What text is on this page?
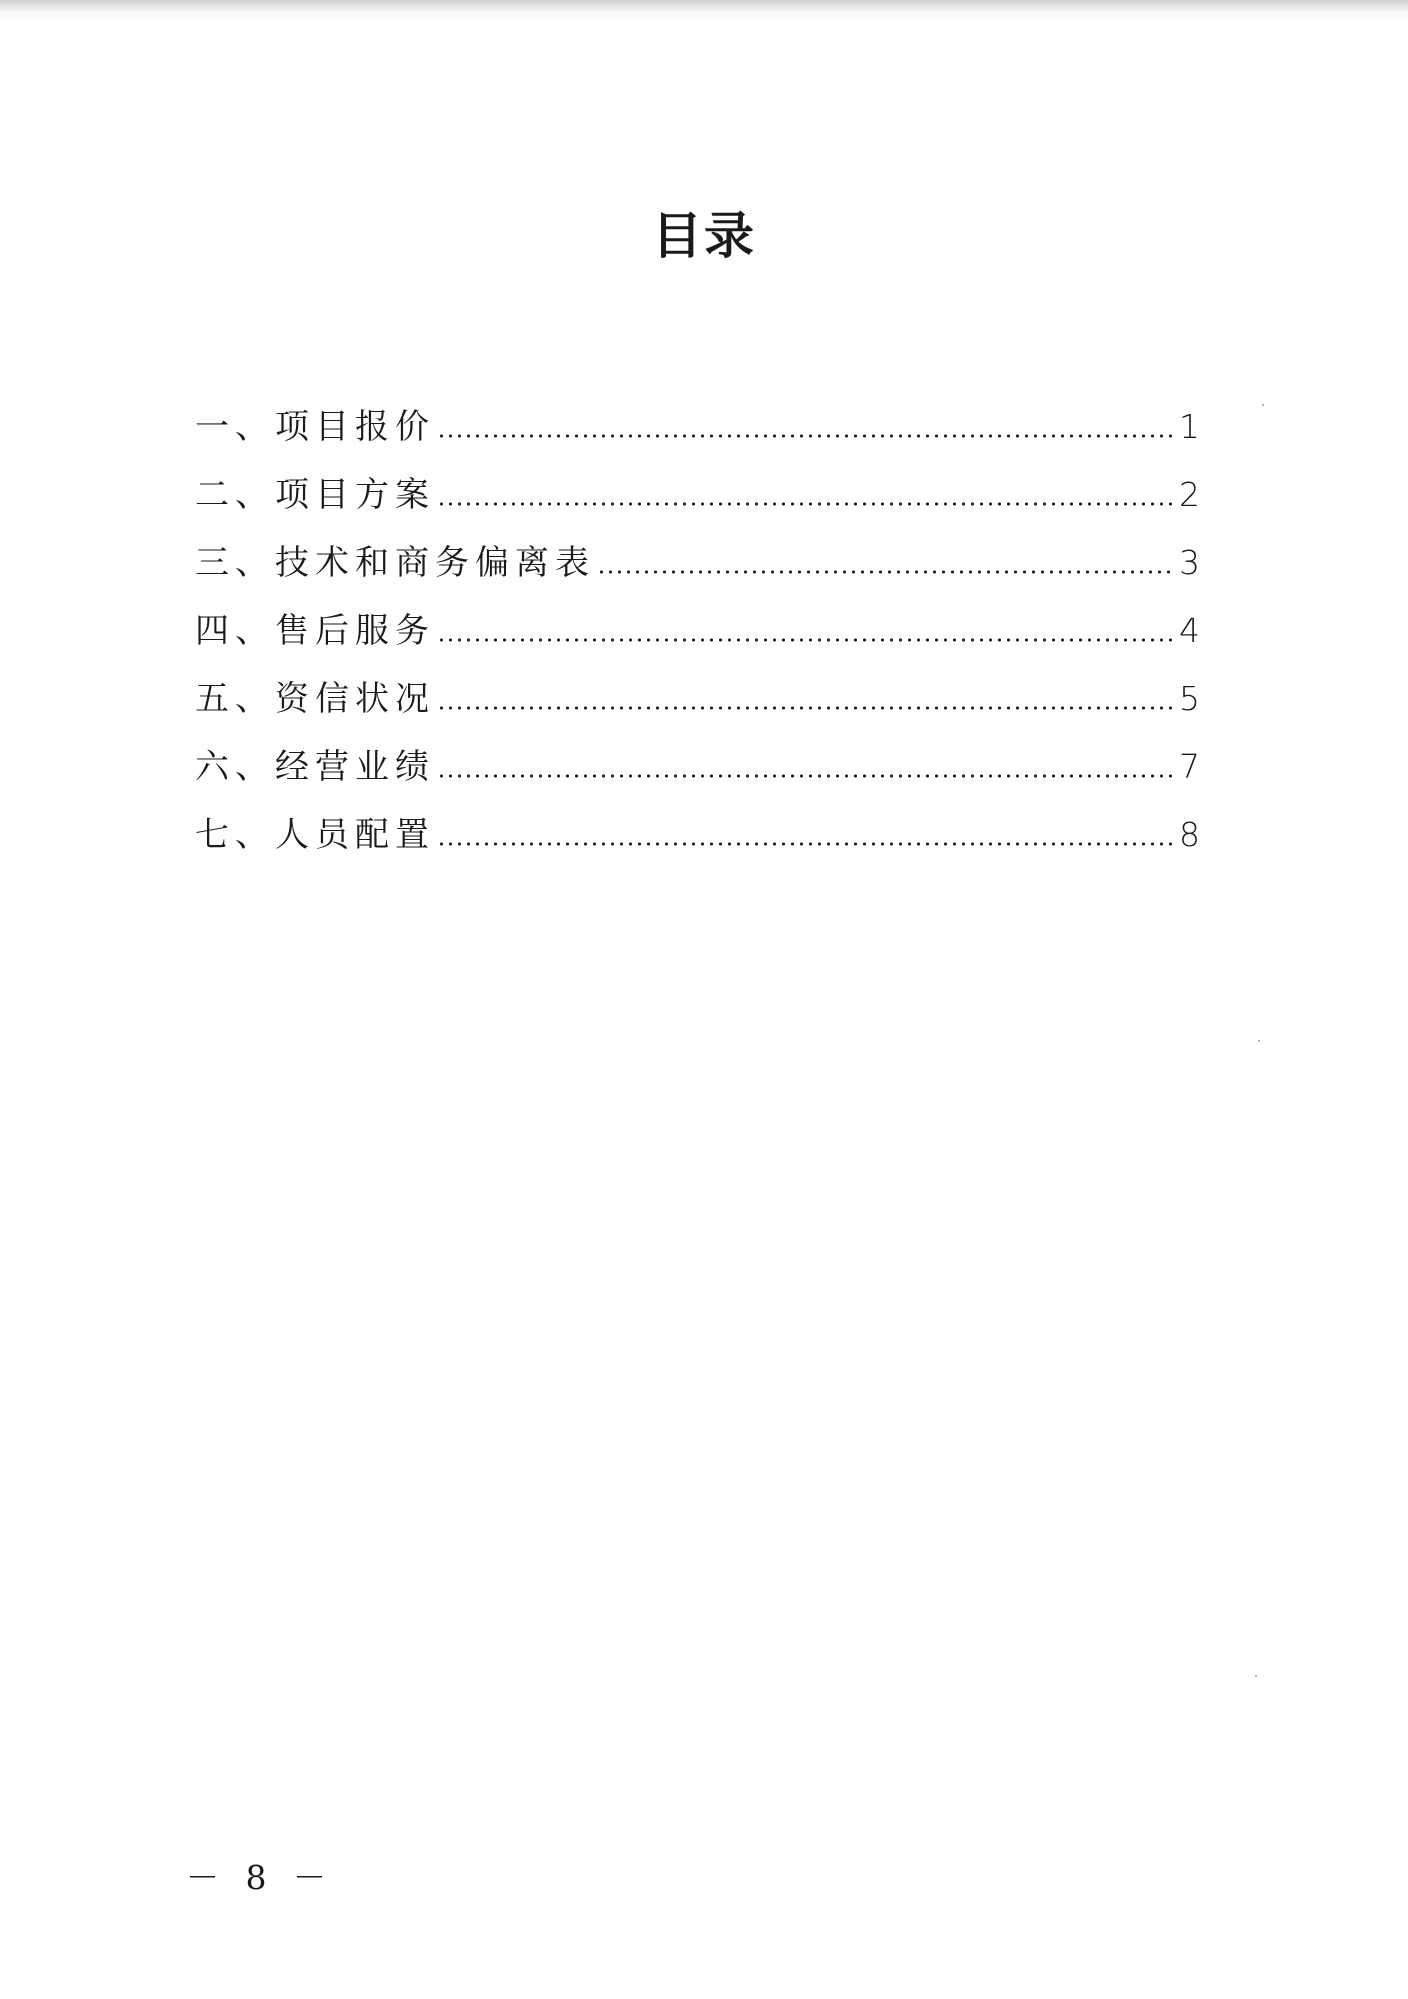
目录
一、项目报价	1
二、项目方案	2
三、技术和商务偏离表	3
四、售后服务	4
五、资信状况	5
六、经营业绩	7
七、人员配置	8
－ 8 －
